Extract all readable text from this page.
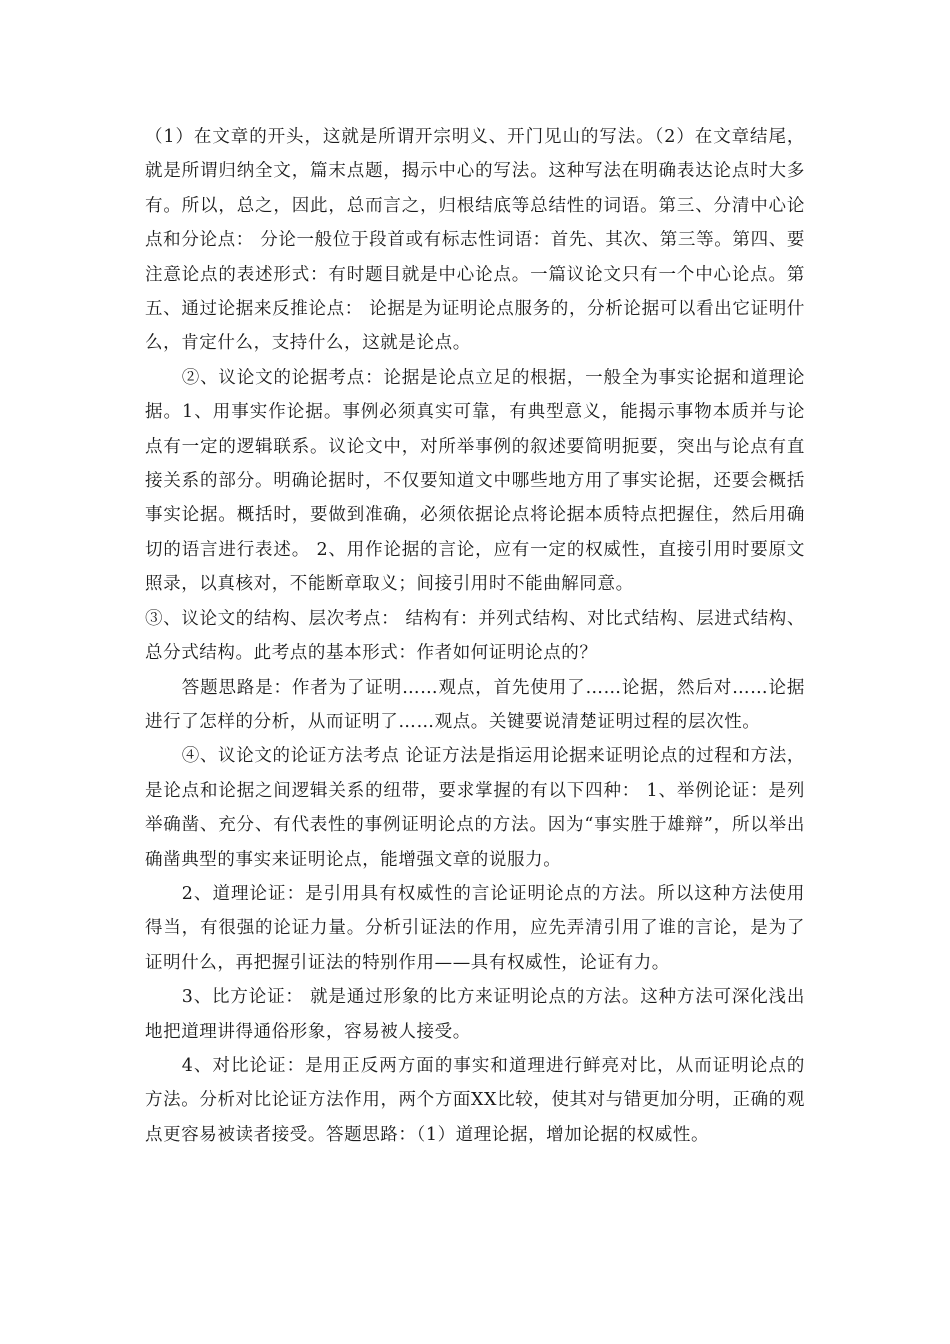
（1）在文章的开头，这就是所谓开宗明义、开门见山的写法。（2）在文章结尾，就是所谓归纳全文，篇末点题，揭示中心的写法。这种写法在明确表达论点时大多有。所以，总之，因此，总而言之，归根结底等总结性的词语。第三、分清中心论点和分论点： 分论一般位于段首或有标志性词语：首先、其次、第三等。第四、要注意论点的表述形式：有时题目就是中心论点。一篇议论文只有一个中心论点。第五、通过论据来反推论点： 论据是为证明论点服务的，分析论据可以看出它证明什么，肯定什么，支持什么，这就是论点。

②、议论文的论据考点：论据是论点立足的根据，一般全为事实论据和道理论据。1、用事实作论据。事例必须真实可靠，有典型意义，能揭示事物本质并与论点有一定的逻辑联系。议论文中，对所举事例的叙述要简明扼要，突出与论点有直接关系的部分。明确论据时，不仅要知道文中哪些地方用了事实论据，还要会概括事实论据。概括时，要做到准确，必须依据论点将论据本质特点把握住，然后用确切的语言进行表述。 2、用作论据的言论，应有一定的权威性，直接引用时要原文照录，以真核对，不能断章取义；间接引用时不能曲解同意。

③、议论文的结构、层次考点： 结构有：并列式结构、对比式结构、层进式结构、总分式结构。此考点的基本形式：作者如何证明论点的？

答题思路是：作者为了证明……观点，首先使用了……论据，然后对……论据进行了怎样的分析，从而证明了……观点。关键要说清楚证明过程的层次性。

④、议论文的论证方法考点 论证方法是指运用论据来证明论点的过程和方法，是论点和论据之间逻辑关系的纽带，要求掌握的有以下四种： 1、举例论证：是列举确凿、充分、有代表性的事例证明论点的方法。因为“事实胜于雄辩”，所以举出确凿典型的事实来证明论点，能增强文章的说服力。

2、道理论证：是引用具有权威性的言论证明论点的方法。所以这种方法使用得当，有很强的论证力量。分析引证法的作用，应先弄清引用了谁的言论，是为了证明什么，再把握引证法的特别作用——具有权威性，论证有力。

3、比方论证： 就是通过形象的比方来证明论点的方法。这种方法可深化浅出地把道理讲得通俗形象，容易被人接受。

4、对比论证：是用正反两方面的事实和道理进行鲜亮对比，从而证明论点的方法。分析对比论证方法作用，两个方面XX比较，使其对与错更加分明，正确的观点更容易被读者接受。答题思路：（1）道理论据，增加论据的权威性。
